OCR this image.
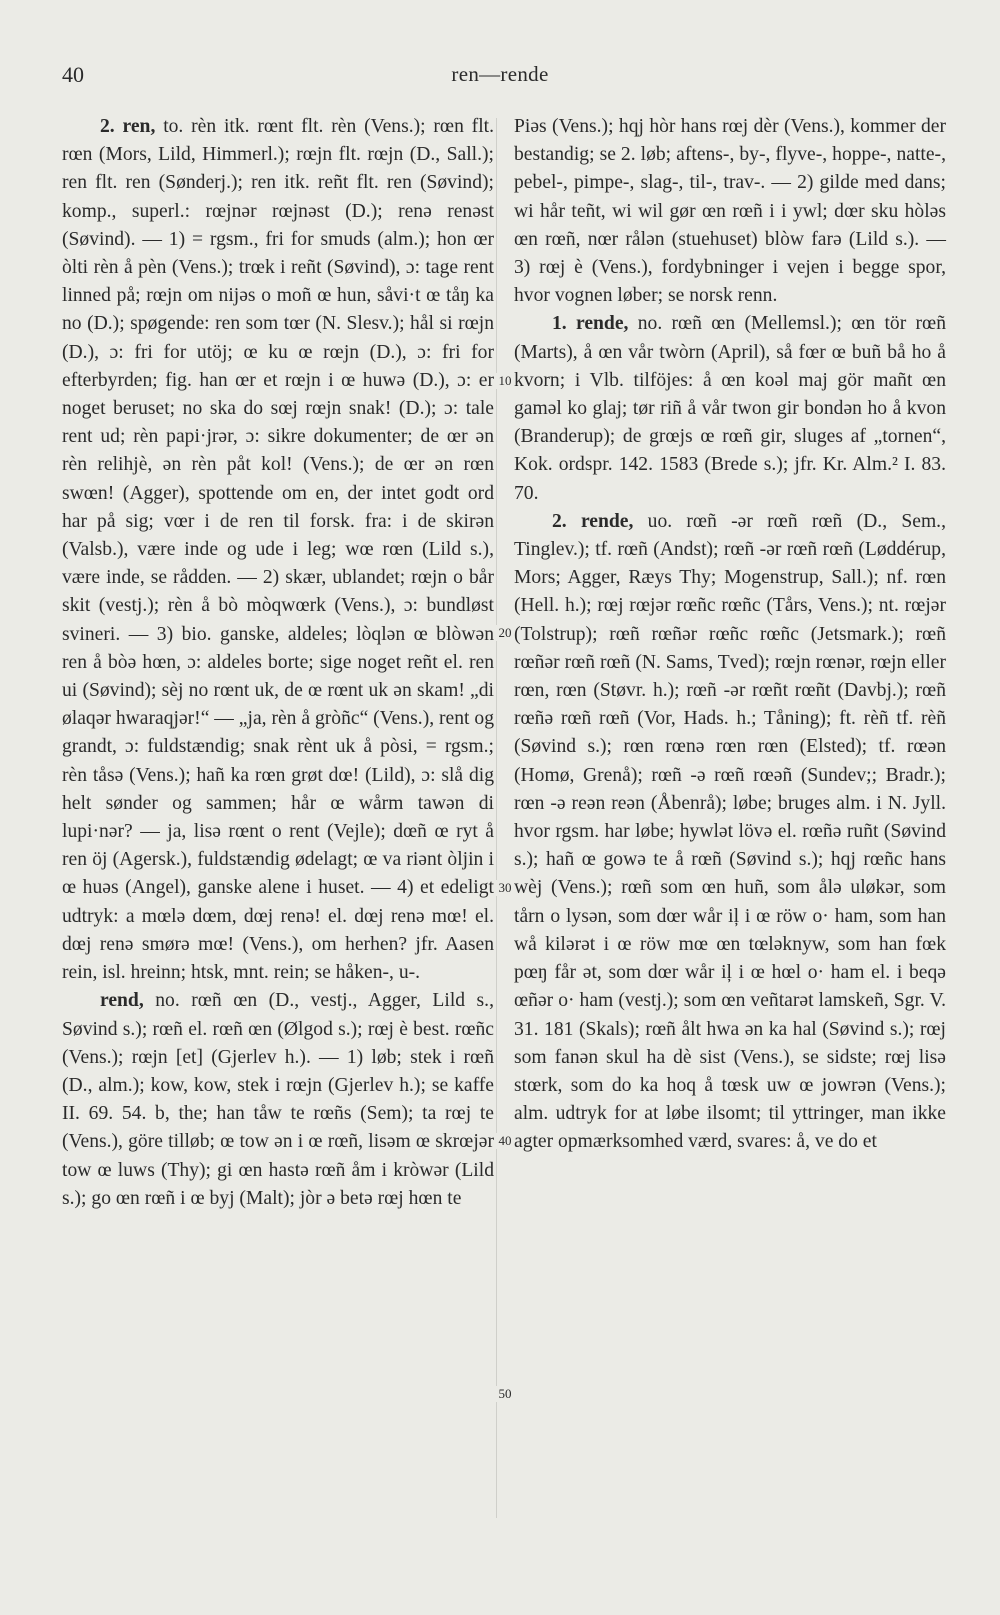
40	ren—rende
10
20
30
40
50

2. ren, to. rèn itk. rœnt flt. rèn (Vens.); rœn flt. rœn (Mors, Lild, Himmerl.); rœjn flt. rœjn (D., Sall.); ren flt. ren (Sønderj.); ren itk. reñt flt. ren (Søvind); komp., superl.: rœjnər rœjnəst (D.); renə renəst (Søvind). — 1) = rgsm., fri for smuds (alm.); hon œr òlti rèn å pèn (Vens.); trœk i reñt (Søvind), ɔ: tage rent linned på; rœjn om nijəs o moñ œ hun, såvi·t œ tåŋ ka no (D.); spøgende: ren som tœr (N. Slesv.); hål si rœjn (D.), ɔ: fri for utöj; œ ku œ rœjn (D.), ɔ: fri for efterbyrden; fig. han œr et rœjn i œ huwə (D.), ɔ: er noget beruset; no ska do sœj rœjn snak! (D.); ɔ: tale rent ud; rèn papi·jrər, ɔ: sikre dokumenter; de œr ən rèn relihjè, ən rèn påt kol! (Vens.); de œr ən rœn swœn! (Agger), spottende om en, der intet godt ord har på sig; vœr i de ren til forsk. fra: i de skirən (Valsb.), være inde og ude i leg; wœ rœn (Lild s.), være inde, se rådden. — 2) skær, ublandet; rœjn o bår skit (vestj.); rèn å bò mòqwœrk (Vens.), ɔ: bundløst svineri. — 3) bio. ganske, aldeles; lòqlən œ blòwən ren å bòə hœn, ɔ: aldeles borte; sige noget reñt el. ren ui (Søvind); sèj no rœnt uk, de œ rœnt uk ən skam! „di ølaqər hwaraqjər!“ — „ja, rèn å gròñc“ (Vens.), rent og grandt, ɔ: fuldstændig; snak rènt uk å pòsi, = rgsm.; rèn tåsə (Vens.); hañ ka rœn grøt dœ! (Lild), ɔ: slå dig helt sønder og sammen; hår œ wårm tawən di lupi·nər? — ja, lisə rœnt o rent (Vejle); dœñ œ ryt å ren öj (Agersk.), fuldstændig ødelagt; œ va riənt òljin i œ huəs (Angel), ganske alene i huset. — 4) et edeligt udtryk: a mœlə dœm, dœj renə! el. dœj renə mœ! el. dœj renə smørə mœ! (Vens.), om herhen? jfr. Aasen rein, isl. hreinn; htsk, mnt. rein; se håken-, u-.

rend, no. rœñ œn (D., vestj., Agger, Lild s., Søvind s.); rœñ el. rœñ œn (Ølgod s.); rœj è best. rœñc (Vens.); rœjn [et] (Gjerlev h.). — 1) løb; stek i rœñ (D., alm.); kow, kow, stek i rœjn (Gjerlev h.); se kaffe II. 69. 54. b, the; han tåw te rœñs (Sem); ta rœj te (Vens.), göre tilløb; œ tow ən i œ rœñ, lisəm œ skrœjər tow œ luws (Thy); gi œn hastə rœñ åm i kròwər (Lild s.); go œn rœñ i œ byj (Malt); jòr ə betə rœj hœn te

Piəs (Vens.); hqj hòr hans rœj dèr (Vens.), kommer der bestandig; se 2. løb; aftens-, by-, flyve-, hoppe-, natte-, pebel-, pimpe-, slag-, til-, trav-. — 2) gilde med dans; wi hår teñt, wi wil gør œn rœñ i i ywl; dœr sku hòləs œn rœñ, nœr rålən (stuehuset) blòw farə (Lild s.). — 3) rœj è (Vens.), fordybninger i vejen i begge spor, hvor vognen løber; se norsk renn.

1. rende, no. rœñ œn (Mellemsl.); œn tör rœñ (Marts), å œn vår twòrn (April), så fœr œ buñ bå ho å kvorn; i Vlb. tilföjes: å œn koəl maj gör mañt œn gaməl ko glaj; tør riñ å vår twon gir bondən ho å kvon (Branderup); de grœjs œ rœñ gir, sluges af „tornen“, Kok. ordspr. 142. 1583 (Brede s.); jfr. Kr. Alm.² I. 83. 70.

2. rende, uo. rœñ -ər rœñ rœñ (D., Sem., Tinglev.); tf. rœñ (Andst); rœñ -ər rœñ rœñ (Løddérup, Mors; Agger, Ræys Thy; Mogenstrup, Sall.); nf. rœn (Hell. h.); rœj rœjər rœñc rœñc (Tårs, Vens.); nt. rœjər (Tolstrup); rœñ rœñər rœñc rœñc (Jetsmark.); rœñ rœñər rœñ rœñ (N. Sams, Tved); rœjn rœnər, rœjn eller rœn, rœn (Støvr. h.); rœñ -ər rœñt rœñt (Davbj.); rœñ rœñə rœñ rœñ (Vor, Hads. h.; Tåning); ft. rèñ tf. rèñ (Søvind s.); rœn rœnə rœn rœn (Elsted); tf. rœən (Homø, Grenå); rœñ -ə rœñ rœəñ (Sundev;; Bradr.); rœn -ə reən reən (Åbenrå); løbe; bruges alm. i N. Jyll. hvor rgsm. har løbe; hywlət lövə el. rœñə ruñt (Søvind s.); hañ œ gowə te å rœñ (Søvind s.); hqj rœñc hans wèj (Vens.); rœñ som œn huñ, som ålə uløkər, som tårn o lysən, som dœr wår iļ i œ röw o· ham, som han wå kilərət i œ röw mœ œn tœləknyw, som han fœk pœŋ får ət, som dœr wår iļ i œ hœl o· ham el. i beqə œñər o· ham (vestj.); som œn veñtarət lamskeñ, Sgr. V. 31. 181 (Skals); rœñ ålt hwa ən ka hal (Søvind s.); rœj som fanən skul ha dè sist (Vens.), se sidste; rœj lisə stœrk, som do ka hoq å tœsk uw œ jowrən (Vens.); alm. udtryk for at løbe ilsomt; til yttringer, man ikke agter opmærksomhed værd, svares: å, ve do et
